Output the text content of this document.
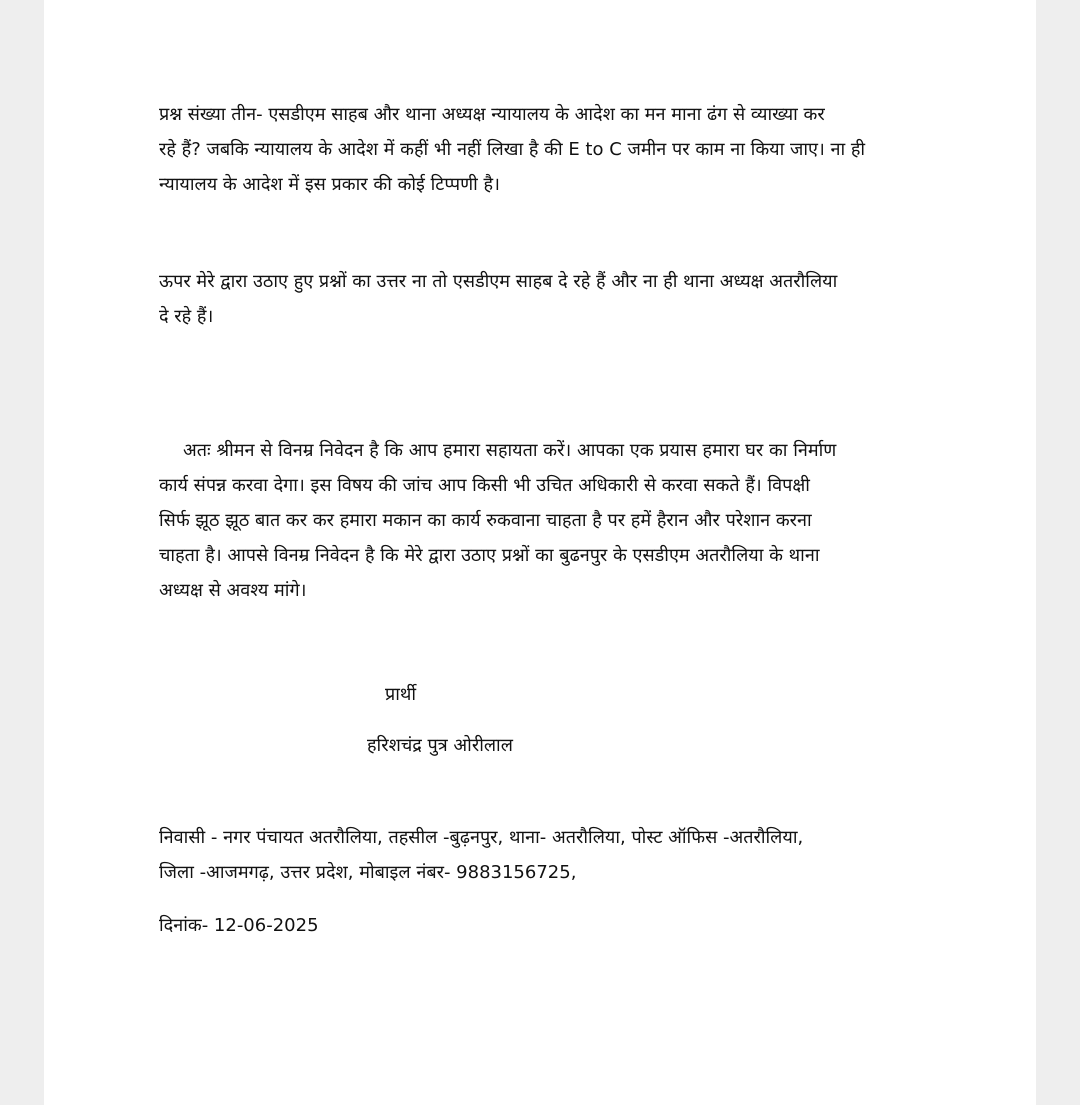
प्रश्न संख्या तीन- एसडीएम साहब और थाना अध्यक्ष न्यायालय के आदेश का मन माना ढंग से व्याख्या कर
रहे हैं? जबकि न्यायालय के आदेश में कहीं भी नहीं लिखा है की E to C जमीन पर काम ना किया जाए। ना ही
न्यायालय के आदेश में इस प्रकार की कोई टिप्पणी है।

ऊपर मेरे द्वारा उठाए हुए प्रश्नों का उत्तर ना तो एसडीएम साहब दे रहे हैं और ना ही थाना अध्यक्ष अतरौलिया
दे रहे हैं।

अतः श्रीमन से विनम्र निवेदन है कि आप हमारा सहायता करें। आपका एक प्रयास हमारा घर का निर्माण
कार्य संपन्न करवा देगा। इस विषय की जांच आप किसी भी उचित अधिकारी से करवा सकते हैं। विपक्षी
सिर्फ झूठ झूठ बात कर कर हमारा मकान का कार्य रुकवाना चाहता है पर हमें हैरान और परेशान करना
चाहता है। आपसे विनम्र निवेदन है कि मेरे द्वारा उठाए प्रश्नों का बुढनपुर के एसडीएम अतरौलिया के थाना
अध्यक्ष से अवश्य मांगे।

प्रार्थी

हरिशचंद्र पुत्र ओरीलाल

निवासी - नगर पंचायत अतरौलिया, तहसील -बुढ़नपुर, थाना- अतरौलिया, पोस्ट ऑफिस -अतरौलिया,
जिला -आजमगढ़, उत्तर प्रदेश, मोबाइल नंबर- 9883156725,

दिनांक- 12-06-2025
